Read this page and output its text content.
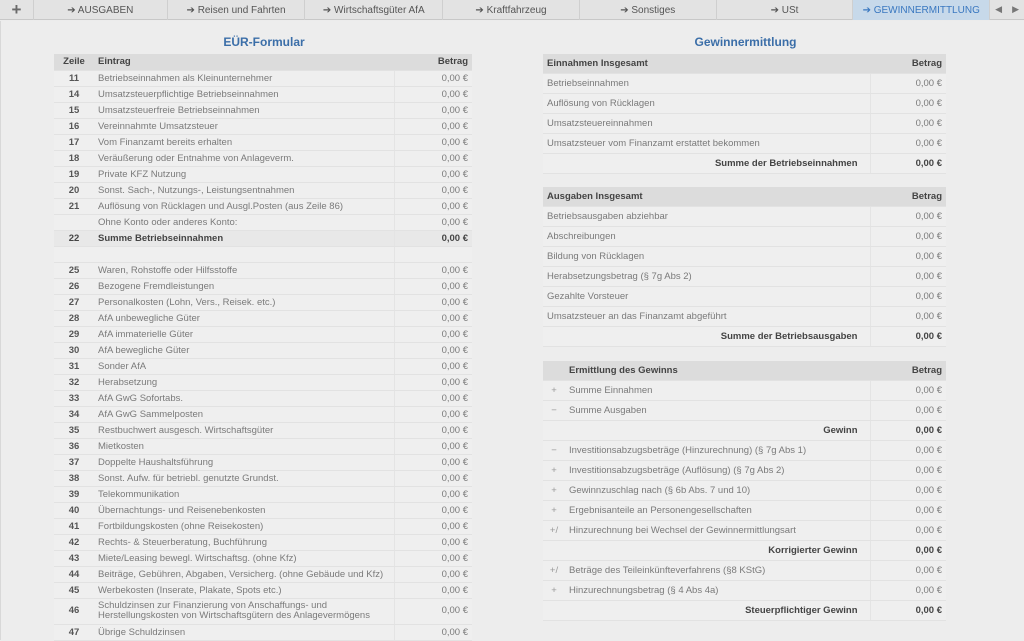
+	➔ AUSGABEN	➔ Reisen und Fahrten	➔ Wirtschaftsgüter AfA	➔ Kraftfahrzeug	➔ Sonstiges	➔ USt	➔ GEWINNERMITTLUNG	◀ ▶
EÜR-Formular	Gewinnermittlung
Zeile	Eintrag	Betrag
11	Betriebseinnahmen als Kleinunternehmer	0,00 €
14	Umsatzsteuerpflichtige Betriebseinnahmen	0,00 €
15	Umsatzsteuerfreie Betriebseinnahmen	0,00 €
16	Vereinnahmte Umsatzsteuer	0,00 €
17	Vom Finanzamt bereits erhalten	0,00 €
18	Veräußerung oder Entnahme von Anlageverm.	0,00 €
19	Private KFZ Nutzung	0,00 €
20	Sonst. Sach-, Nutzungs-, Leistungsentnahmen	0,00 €
21	Auflösung von Rücklagen und Ausgl.Posten (aus Zeile 86)	0,00 €

	Ohne Konto oder anderes Konto:	0,00 €
22	Summe Betriebseinnahmen	0,00 €

25	Waren, Rohstoffe oder Hilfsstoffe	0,00 €
26	Bezogene Fremdleistungen	0,00 €
27	Personalkosten (Lohn, Vers., Reisek. etc.)	0,00 €
28	AfA unbewegliche Güter	0,00 €
29	AfA immaterielle Güter	0,00 €
30	AfA bewegliche Güter	0,00 €
31	Sonder AfA	0,00 €
32	Herabsetzung	0,00 €
33	AfA GwG Sofortabs.	0,00 €
34	AfA GwG Sammelposten	0,00 €
35	Restbuchwert ausgesch. Wirtschaftsgüter	0,00 €
36	Mietkosten	0,00 €
37	Doppelte Haushaltsführung	0,00 €
38	Sonst. Aufw. für betriebl. genutzte Grundst.	0,00 €
39	Telekommunikation	0,00 €
40	Übernachtungs- und Reisenebenkosten	0,00 €
41	Fortbildungskosten (ohne Reisekosten)	0,00 €
42	Rechts- & Steuerberatung, Buchführung	0,00 €
43	Miete/Leasing bewegl. Wirtschaftsg. (ohne Kfz)	0,00 €
44	Beiträge, Gebühren, Abgaben, Versicherg. (ohne Gebäude und Kfz)	0,00 €
45	Werbekosten (Inserate, Plakate, Spots etc.)	0,00 €
46	Schuldzinsen zur Finanzierung von Anschaffungs- und
Herstellungskosten von Wirtschaftsgütern des Anlagevermögens	0,00 €
47	Übrige Schuldzinsen	0,00 €
Einnahmen Insgesamt	Betrag
Betriebseinnahmen	0,00 €
Auflösung von Rücklagen	0,00 €
Umsatzsteuereinnahmen	0,00 €
Umsatzsteuer vom Finanzamt erstattet bekommen	0,00 €
Summe der Betriebseinnahmen	0,00 €
Ausgaben Insgesamt	Betrag
Betriebsausgaben abziehbar	0,00 €
Abschreibungen	0,00 €
Bildung von Rücklagen	0,00 €
Herabsetzungsbetrag (§ 7g Abs 2)	0,00 €
Gezahlte Vorsteuer	0,00 €
Umsatzsteuer an das Finanzamt abgeführt	0,00 €
Summe der Betriebsausgaben	0,00 €
	Ermittlung des Gewinns	Betrag
+	Summe Einnahmen	0,00 €
−	Summe Ausgaben	0,00 €
Gewinn		0,00 €
−	Investitionsabzugsbeträge (Hinzurechnung) (§ 7g Abs 1)	0,00 €
+	Investitionsabzugsbeträge (Auflösung) (§ 7g Abs 2)	0,00 €
+	Gewinnzuschlag nach (§ 6b Abs. 7 und 10)	0,00 €
+	Ergebnisanteile an Personengesellschaften	0,00 €
+/	Hinzurechnung bei Wechsel der Gewinnermittlungsart	0,00 €
Korrigierter Gewinn		0,00 €
+/	Beträge des Teileinkünfteverfahrens (§8 KStG)	0,00 €
+	Hinzurechnungsbetrag (§ 4 Abs 4a)	0,00 €
Steuerpflichtiger Gewinn		0,00 €
